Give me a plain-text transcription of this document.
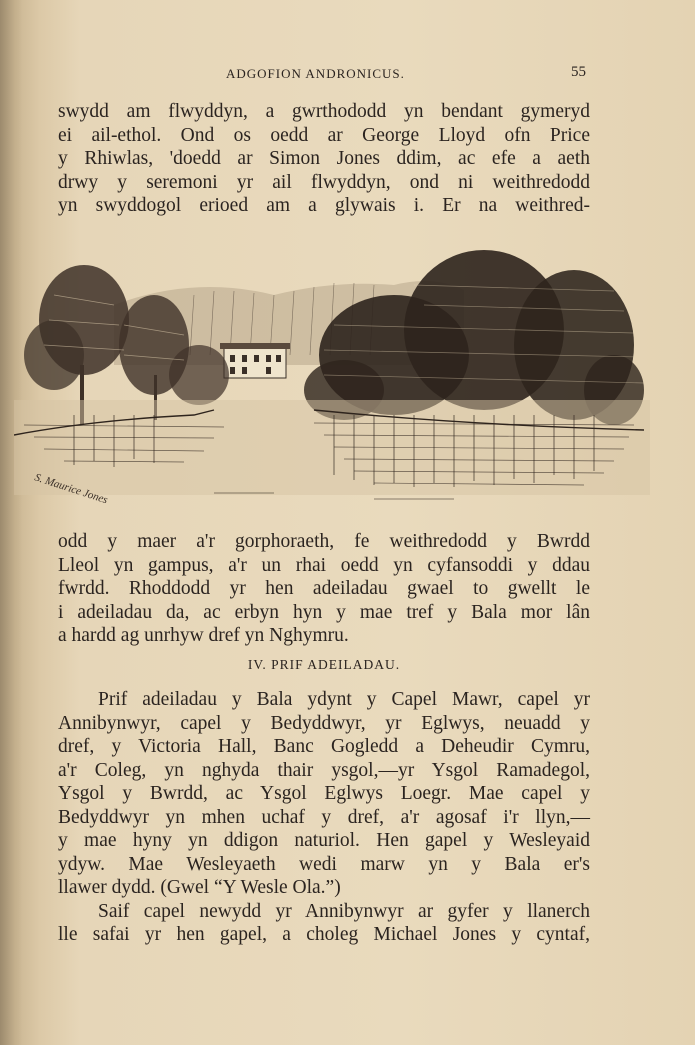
ADGOFION ANDRONICUS.	55
swydd am flwyddyn, a gwrthododd yn bendant gymeryd
ei ail-ethol. Ond os oedd ar George Lloyd ofn Price
y Rhiwlas, 'doedd ar Simon Jones ddim, ac efe a aeth
drwy y seremoni yr ail flwyddyn, ond ni weithredodd
yn swyddogol erioed am a glywais i. Er na weithred-
S. Maurice Jones
odd y maer a'r gorphoraeth, fe weithredodd y Bwrdd
Lleol yn gampus, a'r un rhai oedd yn cyfansoddi y ddau
fwrdd. Rhoddodd yr hen adeiladau gwael to gwellt le
i adeiladau da, ac erbyn hyn y mae tref y Bala mor lân
a hardd ag unrhyw dref yn Nghymru.
IV. PRIF ADEILADAU.
Prif adeiladau y Bala ydynt y Capel Mawr, capel yr
Annibynwyr, capel y Bedyddwyr, yr Eglwys, neuadd y
dref, y Victoria Hall, Banc Gogledd a Deheudir Cymru,
a'r Coleg, yn nghyda thair ysgol,—yr Ysgol Ramadegol,
Ysgol y Bwrdd, ac Ysgol Eglwys Loegr. Mae capel y
Bedyddwyr yn mhen uchaf y dref, a'r agosaf i'r llyn,—
y mae hyny yn ddigon naturiol. Hen gapel y Wesleyaid
ydyw. Mae Wesleyaeth wedi marw yn y Bala er's
llawer dydd. (Gwel “Y Wesle Ola.”)
Saif capel newydd yr Annibynwyr ar gyfer y llanerch
lle safai yr hen gapel, a choleg Michael Jones y cyntaf,
